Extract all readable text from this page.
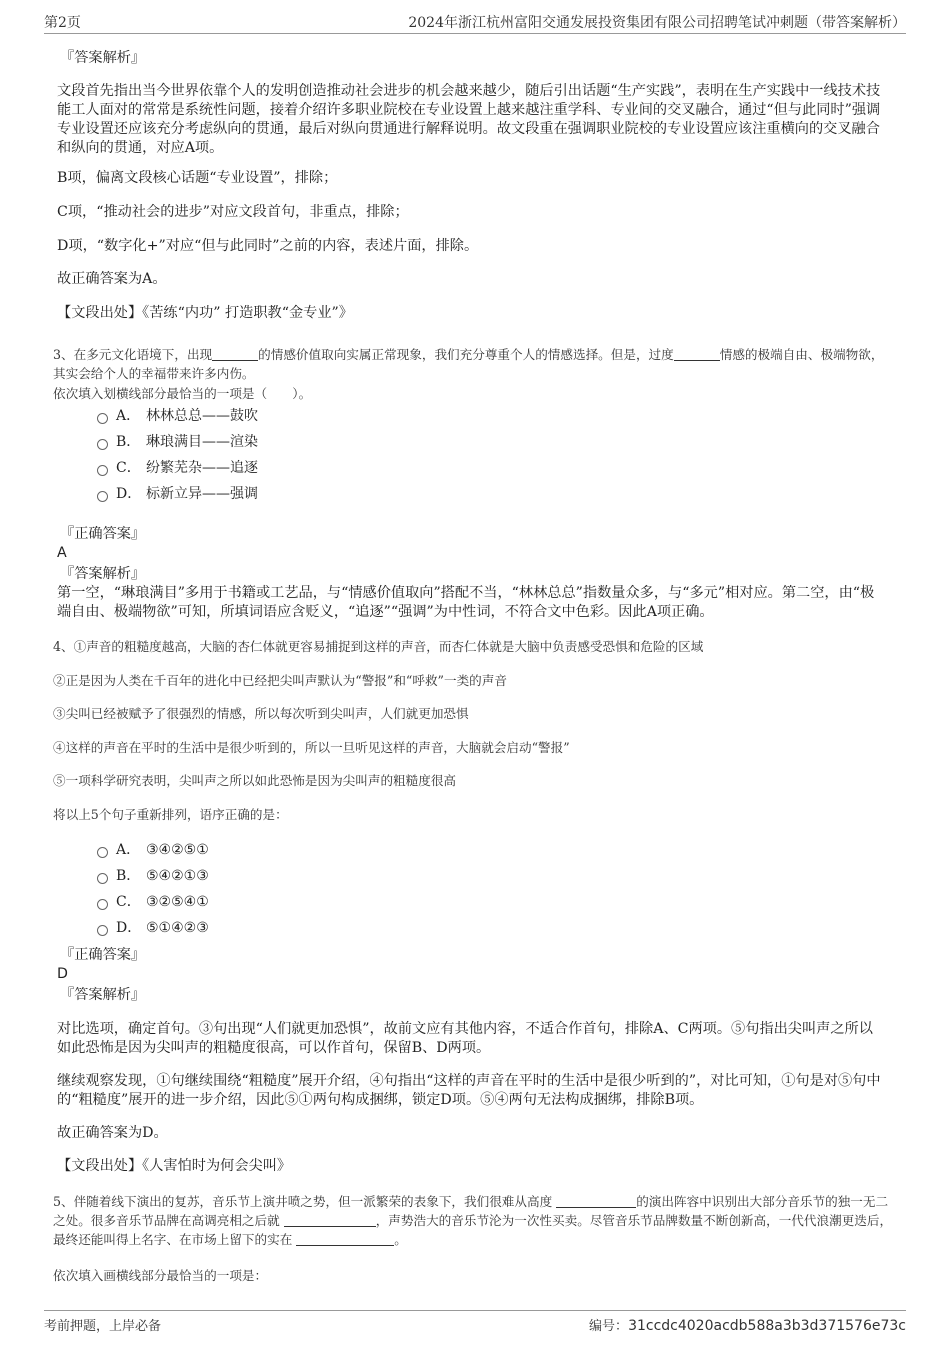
第2页	2024年浙江杭州富阳交通发展投资集团有限公司招聘笔试冲刺题（带答案解析）

『答案解析』

文段首先指出当今世界依靠个人的发明创造推动社会进步的机会越来越少，随后引出话题“生产实践”，表明在生产实践中一线技术技能工人面对的常常是系统性问题，接着介绍许多职业院校在专业设置上越来越注重学科、专业间的交叉融合，通过“但与此同时”强调专业设置还应该充分考虑纵向的贯通，最后对纵向贯通进行解释说明。故文段重在强调职业院校的专业设置应该注重横向的交叉融合和纵向的贯通，对应A项。

B项，偏离文段核心话题“专业设置”，排除；

C项，“推动社会的进步”对应文段首句，非重点，排除；

D项，“数字化+”对应“但与此同时”之前的内容，表述片面，排除。

故正确答案为A。

【文段出处】《苦练“内功” 打造职教“金专业”》

3、在多元文化语境下，出现	的情感价值取向实属正常现象，我们充分尊重个人的情感选择。但是，过度	情感的极端自由、极端物欲，其实会给个人的幸福带来许多内伤。

依次填入划横线部分最恰当的一项是（　　）。

A． 林林总总——鼓吹
B． 琳琅满目——渲染
C． 纷繁芜杂——追逐
D． 标新立异——强调

『正确答案』

A

『答案解析』

第一空，“琳琅满目”多用于书籍或工艺品，与“情感价值取向”搭配不当，“林林总总”指数量众多，与“多元”相对应。第二空，由“极端自由、极端物欲”可知，所填词语应含贬义，“追逐”“强调”为中性词，不符合文中色彩。因此A项正确。

4、①声音的粗糙度越高，大脑的杏仁体就更容易捕捉到这样的声音，而杏仁体就是大脑中负责感受恐惧和危险的区域

②正是因为人类在千百年的进化中已经把尖叫声默认为“警报”和“呼救”一类的声音

③尖叫已经被赋予了很强烈的情感，所以每次听到尖叫声，人们就更加恐惧

④这样的声音在平时的生活中是很少听到的，所以一旦听见这样的声音，大脑就会启动“警报”

⑤一项科学研究表明，尖叫声之所以如此恐怖是因为尖叫声的粗糙度很高

将以上5个句子重新排列，语序正确的是：

A． ③④②⑤①
B． ⑤④②①③
C． ③②⑤④①
D． ⑤①④②③

『正确答案』

D

『答案解析』

对比选项，确定首句。③句出现“人们就更加恐惧”，故前文应有其他内容，不适合作首句，排除A、C两项。⑤句指出尖叫声之所以如此恐怖是因为尖叫声的粗糙度很高，可以作首句，保留B、D两项。

继续观察发现，①句继续围绕“粗糙度”展开介绍，④句指出“这样的声音在平时的生活中是很少听到的”，对比可知，①句是对⑤句中的“粗糙度”展开的进一步介绍，因此⑤①两句构成捆绑，锁定D项。⑤④两句无法构成捆绑，排除B项。

故正确答案为D。

【文段出处】《人害怕时为何会尖叫》

5、伴随着线下演出的复苏，音乐节上演井喷之势，但一派繁荣的表象下，我们很难从高度	的演出阵容中识别出大部分音乐节的独一无二之处。很多音乐节品牌在高调亮相之后就	，声势浩大的音乐节沦为一次性买卖。尽管音乐节品牌数量不断创新高，一代代浪潮更迭后，最终还能叫得上名字、在市场上留下的实在	。

依次填入画横线部分最恰当的一项是：

考前押题，上岸必备	编号：31ccdc4020acdb588a3b3d371576e73c
